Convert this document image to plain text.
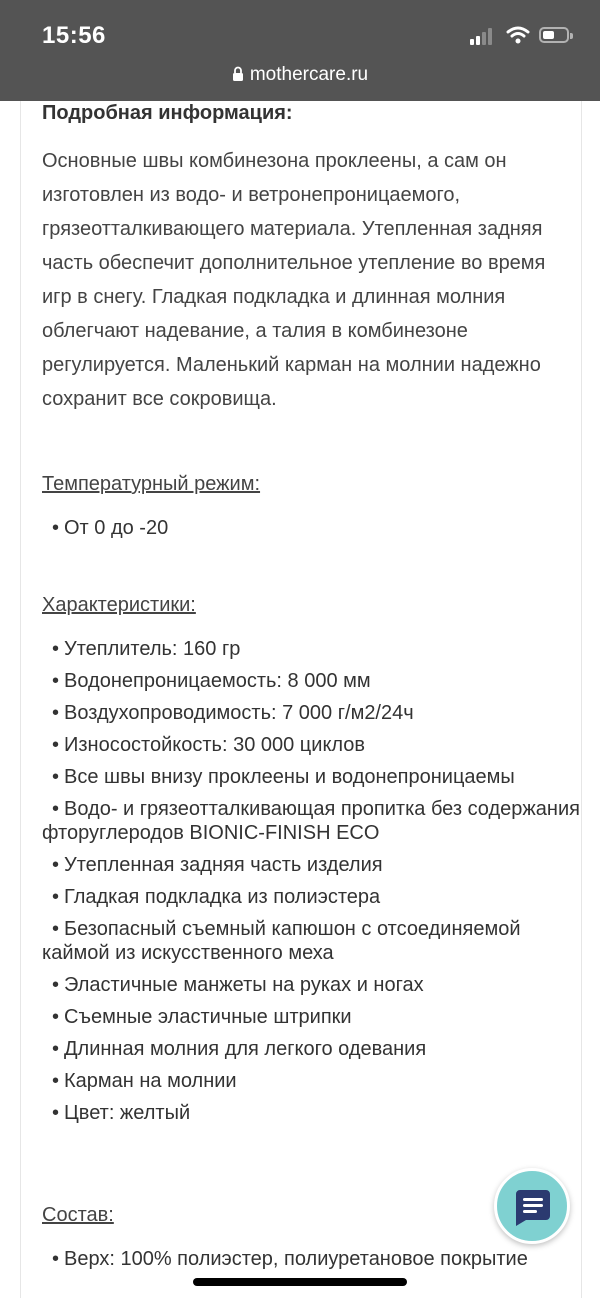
15:56
mothercare.ru
Подробная информация:

Основные швы комбинезона проклеены, а сам он изготовлен из водо- и ветронепроницаемого, грязеотталкивающего материала. Утепленная задняя часть обеспечит дополнительное утепление во время игр в снегу. Гладкая подкладка и длинная молния облегчают надевание, а талия в комбинезоне регулируется. Маленький карман на молнии надежно сохранит все сокровища.

Температурный режим:

• От 0 до -20

Характеристики:

• Утеплитель: 160 гр
• Водонепроницаемость: 8 000 мм
• Воздухопроводимость: 7 000 г/м2/24ч
• Износостойкость: 30 000 циклов
• Все швы внизу проклеены и водонепроницаемы
• Водо- и грязеотталкивающая пропитка без содержания фторуглеродов BIONIC-FINISH ECO
• Утепленная задняя часть изделия
• Гладкая подкладка из полиэстера
• Безопасный съемный капюшон с отсоединяемой каймой из искусственного меха
• Эластичные манжеты на руках и ногах
• Съемные эластичные штрипки
• Длинная молния для легкого одевания
• Карман на молнии
• Цвет: желтый

Состав:

• Верх: 100% полиэстер, полиуретановое покрытие
